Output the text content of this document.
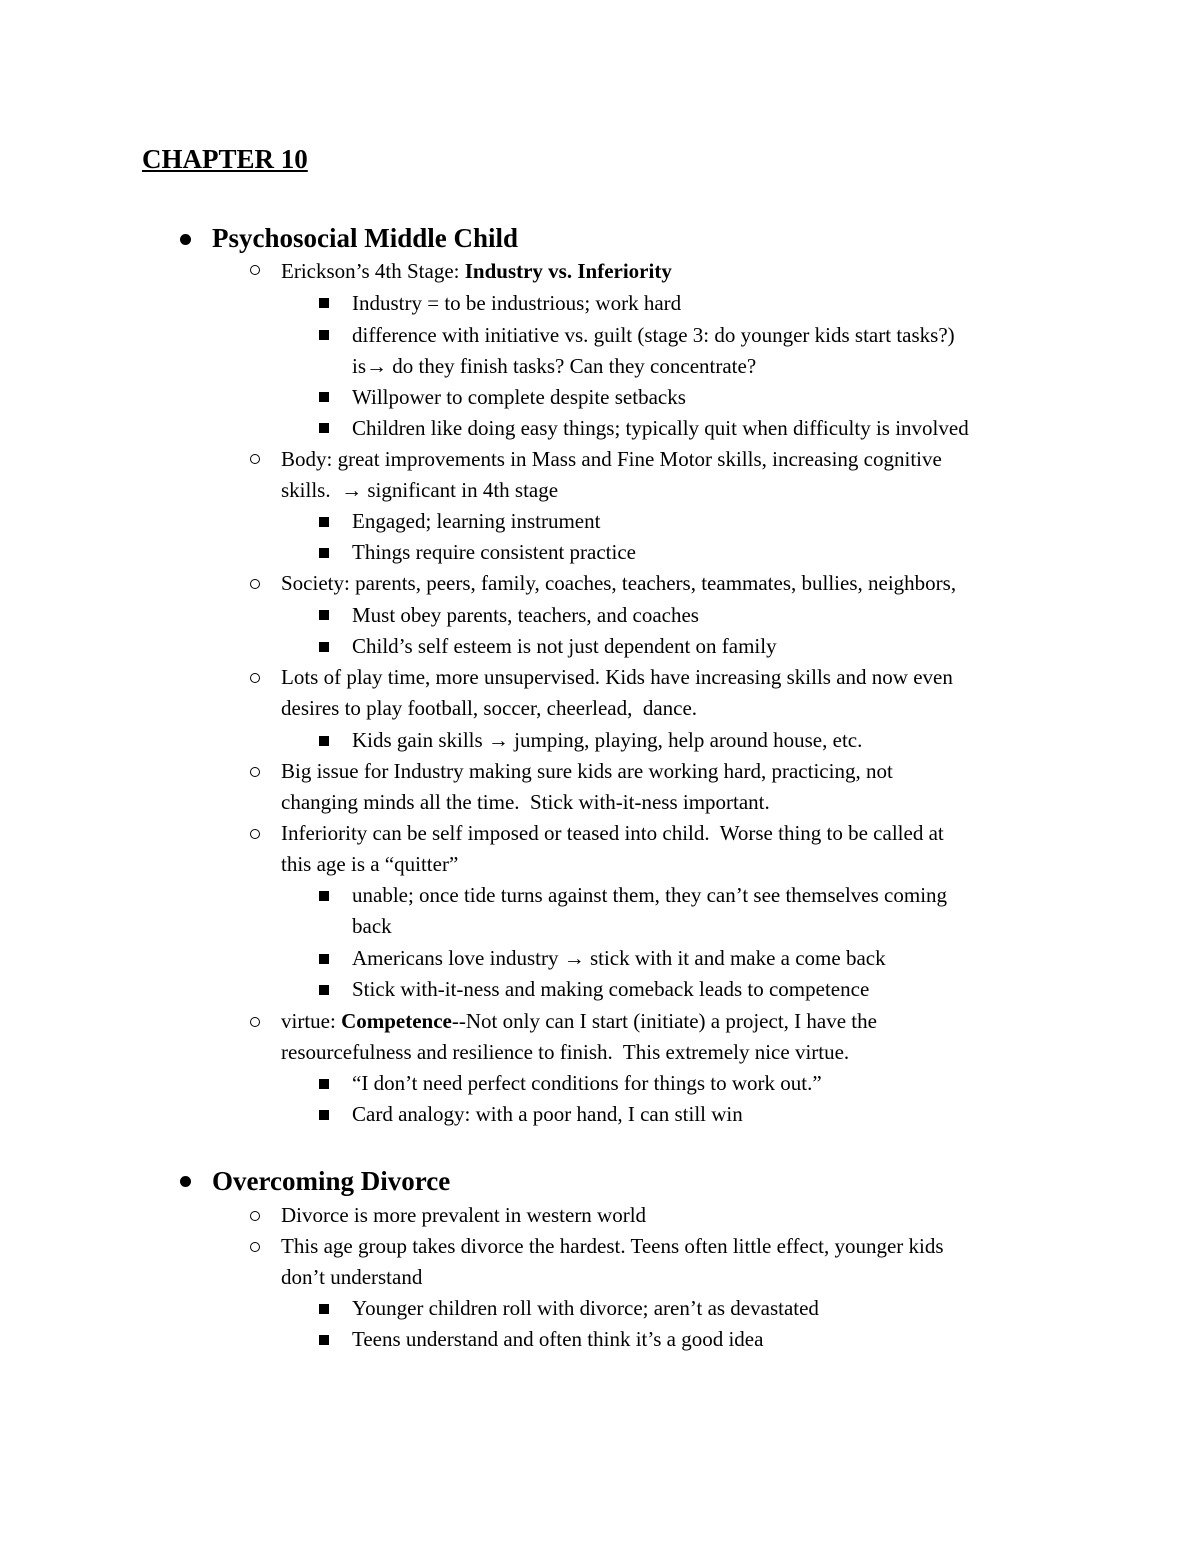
CHAPTER 10
Psychosocial Middle Child
Erickson’s 4th Stage: Industry vs. Inferiority
Industry = to be industrious; work hard
difference with initiative vs. guilt (stage 3: do younger kids start tasks?)
is→ do they finish tasks? Can they concentrate?
Willpower to complete despite setbacks
Children like doing easy things; typically quit when difficulty is involved
Body: great improvements in Mass and Fine Motor skills, increasing cognitive
skills.  → significant in 4th stage
Engaged; learning instrument
Things require consistent practice
Society: parents, peers, family, coaches, teachers, teammates, bullies, neighbors,
Must obey parents, teachers, and coaches
Child’s self esteem is not just dependent on family
Lots of play time, more unsupervised. Kids have increasing skills and now even
desires to play football, soccer, cheerlead,  dance.
Kids gain skills → jumping, playing, help around house, etc.
Big issue for Industry making sure kids are working hard, practicing, not
changing minds all the time.  Stick with-it-ness important.
Inferiority can be self imposed or teased into child.  Worse thing to be called at
this age is a “quitter”
unable; once tide turns against them, they can’t see themselves coming
back
Americans love industry → stick with it and make a come back
Stick with-it-ness and making comeback leads to competence
virtue: Competence--Not only can I start (initiate) a project, I have the
resourcefulness and resilience to finish.  This extremely nice virtue.
“I don’t need perfect conditions for things to work out.”
Card analogy: with a poor hand, I can still win
Overcoming Divorce
Divorce is more prevalent in western world
This age group takes divorce the hardest. Teens often little effect, younger kids
don’t understand
Younger children roll with divorce; aren’t as devastated
Teens understand and often think it’s a good idea
